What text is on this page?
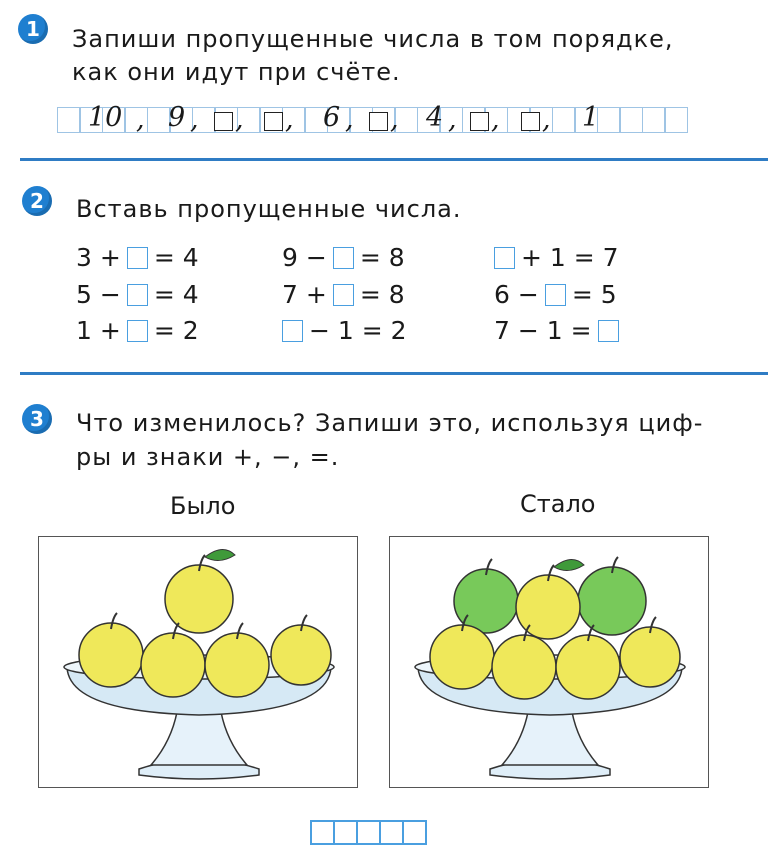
1	Запиши пропущенные числа в том порядке,
как они идут при счёте.
10 , 9 , , , 6 , , 4 , , , 1
2	Вставь пропущенные числа.
3 + = 4	9 − = 8	+ 1 = 7
5 − = 4	7 + = 8	6 − = 5
1 + = 2	− 1 = 2	7 − 1 =
3	Что изменилось? Запиши это, используя циф-
ры и знаки +, −, =.
Было	Стало
